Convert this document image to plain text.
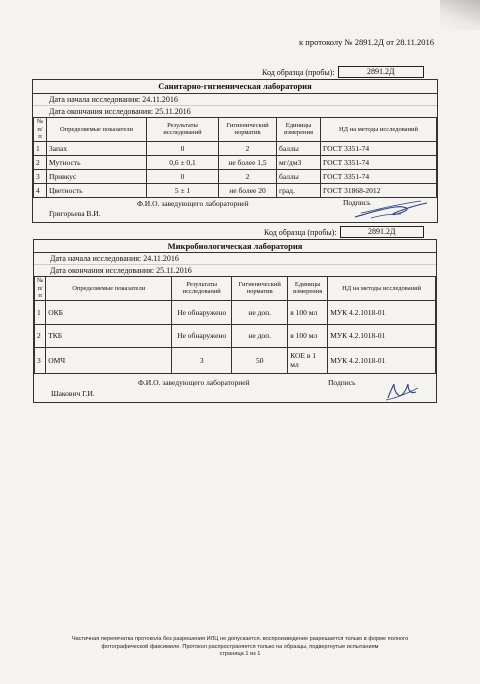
к протоколу № 2891.2Д от 28.11.2016
Код образца (пробы):	2891.2Д
Санитарно-гигиеническая лаборатория
Дата начала исследования: 24.11.2016
Дата окончания исследования: 25.11.2016
№ п/п	Определяемые показатели	Результаты исследований	Гигиенический норматив	Единицы измерения	НД на методы исследований
1	Запах	0	2	баллы	ГОСТ 3351-74
2	Мутность	0,6 ± 0,1	не более 1,5	мг/дм3	ГОСТ 3351-74
3	Привкус	0	2	баллы	ГОСТ 3351-74
4	Цветность	5 ± 1	не более 20	град.	ГОСТ 31868-2012
Ф.И.О. заведующего лабораторией
Григорьева В.И.
Подпись
Код образца (пробы):	2891.2Д
Микробиологическая лаборатория
Дата начала исследования: 24.11.2016
Дата окончания исследования: 25.11.2016
№ п/п	Определяемые показатели	Результаты исследований	Гигиенический норматив	Единицы измерения	НД на методы исследований
1	ОКБ	Не обнаружено	не доп.	в 100 мл	МУК 4.2.1018-01
2	ТКБ	Не обнаружено	не доп.	в 100 мл	МУК 4.2.1018-01
3	ОМЧ	3	50	КОЕ в 1 мл	МУК 4.2.1018-01
Ф.И.О. заведующего лабораторией
Шакович Г.И.
Подпись
Частичная перепечатка протокола без разрешения ИЛЦ не допускается. воспроизведение разрешается только в форме полного
фотографической факсимиле. Протокол распространяется только на образцы, подвергнутые испытаниям
страница 1 из 1
